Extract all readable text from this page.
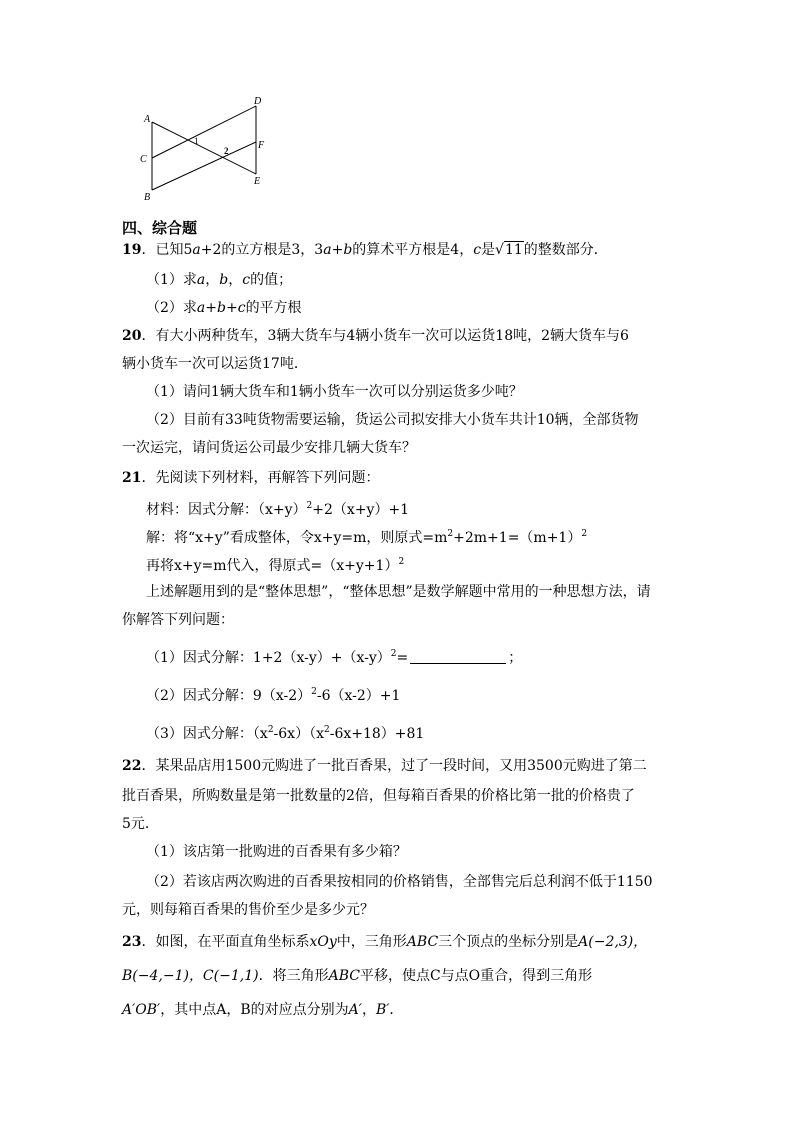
A
C
B
D
F
E
1
2
四、综合题
19．已知5a+2的立方根是3，3a+b的算术平方根是4，c是√11的整数部分．
（1）求a，b，c的值；
（2）求a+b+c的平方根
20．有大小两种货车，3辆大货车与4辆小货车一次可以运货18吨，2辆大货车与6
辆小货车一次可以运货17吨．
（1）请问1辆大货车和1辆小货车一次可以分别运货多少吨？
（2）目前有33吨货物需要运输，货运公司拟安排大小货车共计10辆，全部货物
一次运完，请问货运公司最少安排几辆大货车？
21．先阅读下列材料，再解答下列问题：
材料：因式分解：$(x+y)^2+2(x+y)+1$
解：将“x+y”看成整体，令x+y=m，则原式$=m^2+2m+1=(m+1)^2$
再将x+y=m代入，得原式$=(x+y+1)^2$
上述解题用到的是“整体思想”，“整体思想”是数学解题中常用的一种思想方法，请
你解答下列问题：
（1）因式分解：$1+2(x-y)+(x-y)^2=$	；
（2）因式分解：$9(x-2)^2-6(x-2)+1$
（3）因式分解：$(x^2-6x)(x^2-6x+18)+81$
22．某果品店用1500元购进了一批百香果，过了一段时间，又用3500元购进了第二
批百香果，所购数量是第一批数量的2倍，但每箱百香果的价格比第一批的价格贵了
5元．
（1）该店第一批购进的百香果有多少箱？
（2）若该店两次购进的百香果按相同的价格销售，全部售完后总利润不低于1150
元，则每箱百香果的售价至少是多少元？
23．如图，在平面直角坐标系xOy中，三角形ABC三个顶点的坐标分别是A(−2,3)，
B(−4,−1)，C(−1,1)．将三角形ABC平移，使点C与点O重合，得到三角形
A′OB′，其中点A，B的对应点分别为A′，B′．
